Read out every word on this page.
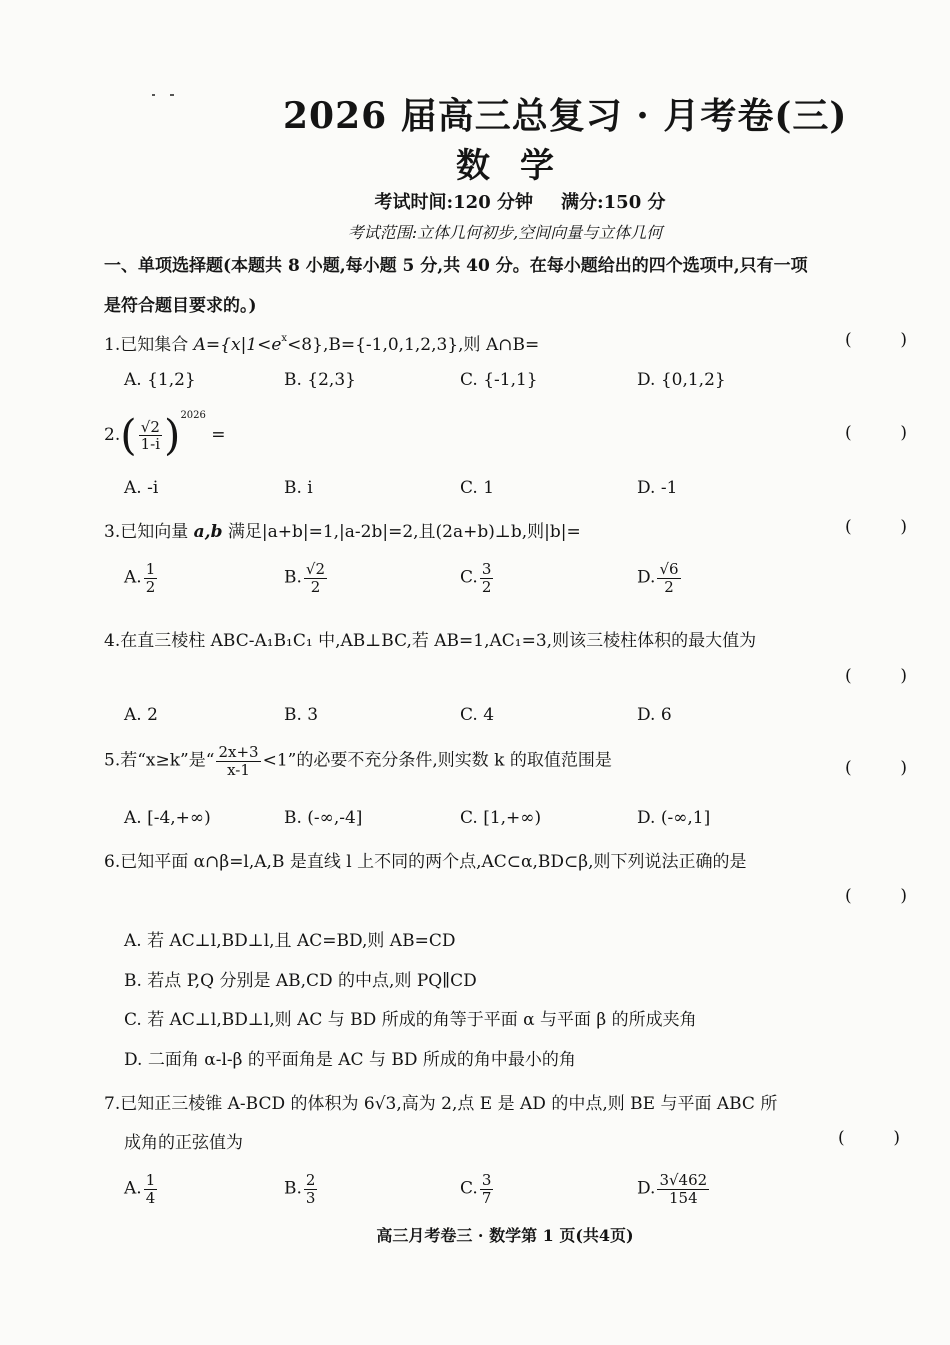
2026 届高三总复习 · 月考卷(三)
数学
考试时间:120 分钟 满分:150 分
考试范围:立体几何初步,空间向量与立体几何
一、单项选择题(本题共 8 小题,每小题 5 分,共 40 分。在每小题给出的四个选项中,只有一项
是符合题目要求的。)
1.已知集合 $A=\{x|1<e^x<8\},B=\{-1,0,1,2,3\}$,则 A∩B=	(	)
A. {1,2}	B. {2,3}	C. {-1,1}	D. {0,1,2}
$2.( \frac{√2}{1-i} )^{2026}$ =	(	)
A. -i	B. i	C. 1	D. -1
3.已知向量 a,b 满足|a+b|=1,|a-2b|=2,且(2a+b)⊥b,则|b|=	(	)
A. $\frac{1}{2}$	B. $\frac{√2}{2}$	C. $\frac{3}{2}$	D. $\frac{√6}{2}$
4.在直三棱柱 ABC-A₁B₁C₁ 中,AB⊥BC,若 AB=1,AC₁=3,则该三棱柱体积的最大值为
(	)
A. 2	B. 3	C. 4	D. 6
5.若“x≥k”是“ $\frac{2x+3}{x-1} <1$”的必要不充分条件,则实数 k 的取值范围是	(	)
A. [-4,+∞)	B. (-∞,-4]	C. [1,+∞)	D. (-∞,1]
6.已知平面 α∩β=l,A,B 是直线 l 上不同的两个点,AC⊂α,BD⊂β,则下列说法正确的是
(	)
A. 若 AC⊥l,BD⊥l,且 AC=BD,则 AB=CD
B. 若点 P,Q 分别是 AB,CD 的中点,则 PQ∥CD
C. 若 AC⊥l,BD⊥l,则 AC 与 BD 所成的角等于平面 α 与平面 β 的所成夹角
D. 二面角 α-l-β 的平面角是 AC 与 BD 所成的角中最小的角
7.已知正三棱锥 A-BCD 的体积为 6√3,高为 2,点 E 是 AD 的中点,则 BE 与平面 ABC 所
成角的正弦值为	(	)
A. $\frac{1}{4}$	B. $\frac{2}{3}$	C. $\frac{3}{7}$	D. $\frac{3√462}{154}$
高三月考卷三 · 数学第 1 页(共4页)
